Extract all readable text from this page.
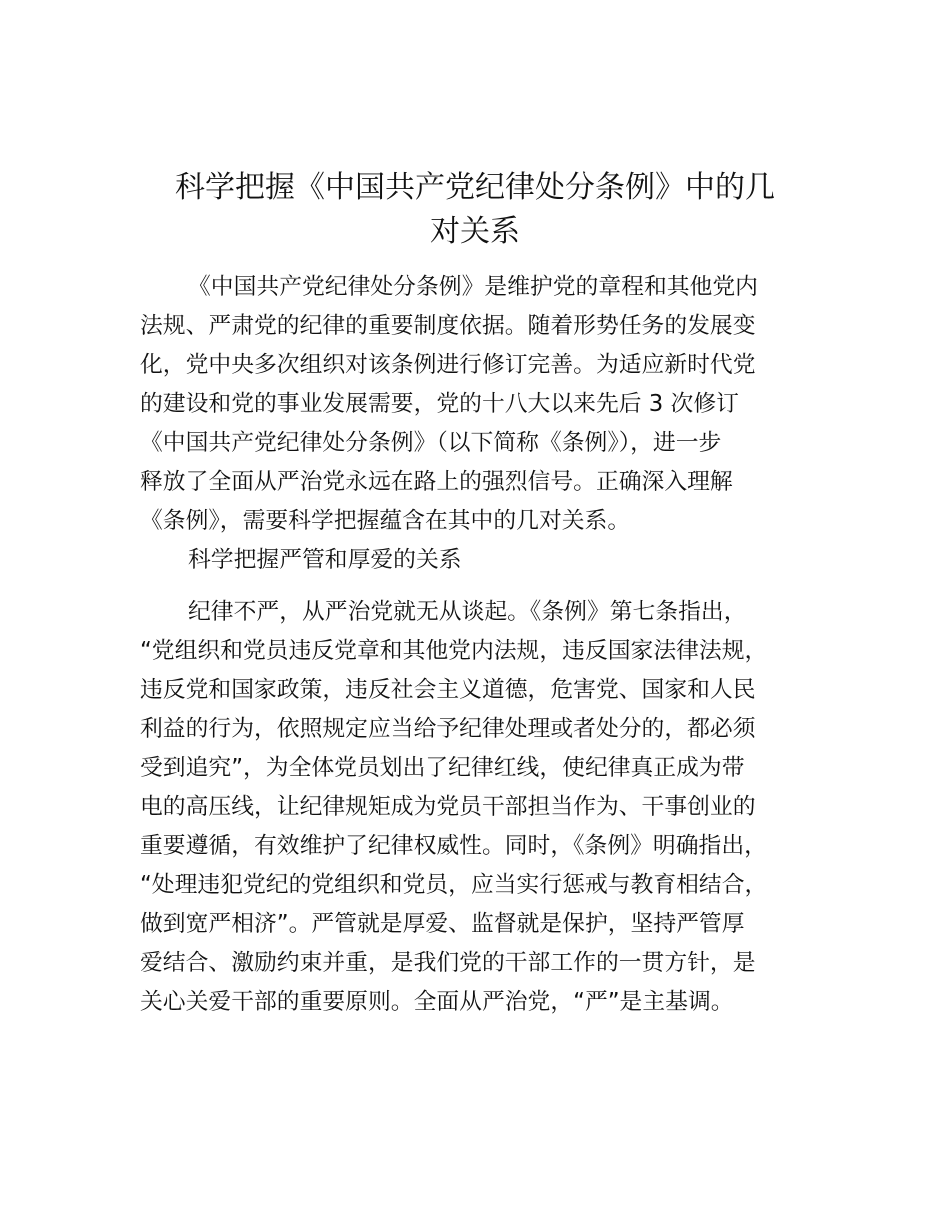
科学把握《中国共产党纪律处分条例》中的几
对关系

《中国共产党纪律处分条例》是维护党的章程和其他党内
法规、严肃党的纪律的重要制度依据。随着形势任务的发展变
化，党中央多次组织对该条例进行修订完善。为适应新时代党
的建设和党的事业发展需要，党的十八大以来先后 3 次修订
《中国共产党纪律处分条例》（以下简称《条例》），进一步
释放了全面从严治党永远在路上的强烈信号。正确深入理解
《条例》，需要科学把握蕴含在其中的几对关系。

科学把握严管和厚爱的关系

纪律不严，从严治党就无从谈起。《条例》第七条指出，
“党组织和党员违反党章和其他党内法规，违反国家法律法规，
违反党和国家政策，违反社会主义道德，危害党、国家和人民
利益的行为，依照规定应当给予纪律处理或者处分的，都必须
受到追究”，为全体党员划出了纪律红线，使纪律真正成为带
电的高压线，让纪律规矩成为党员干部担当作为、干事创业的
重要遵循，有效维护了纪律权威性。同时，《条例》明确指出，
“处理违犯党纪的党组织和党员，应当实行惩戒与教育相结合，
做到宽严相济”。严管就是厚爱、监督就是保护，坚持严管厚
爱结合、激励约束并重，是我们党的干部工作的一贯方针，是
关心关爱干部的重要原则。全面从严治党，“严”是主基调。
